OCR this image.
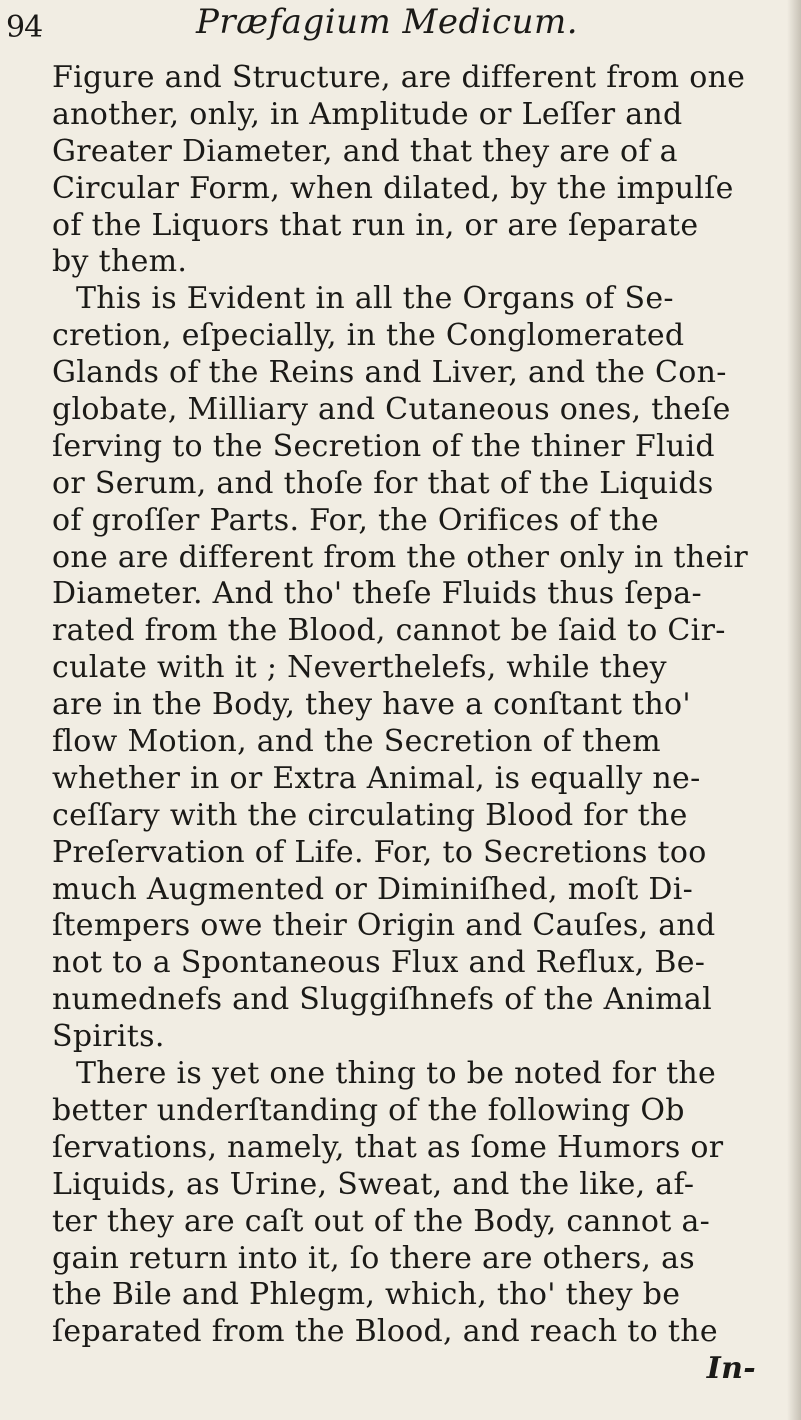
94	Præfagium Medicum.
Figure and Structure, are different from one
another, only, in Amplitude or Leſſer and
Greater Diameter, and that they are of a
Circular Form, when dilated, by the impulſe
of the Liquors that run in, or are ſeparate
by them.
This is Evident in all the Organs of Se-
cretion, eſpecially, in the Conglomerated
Glands of the Reins and Liver, and the Con-
globate, Milliary and Cutaneous ones, theſe
ſerving to the Secretion of the thiner Fluid
or Serum, and thoſe for that of the Liquids
of groſſer Parts. For, the Orifices of the
one are different from the other only in their
Diameter. And tho' theſe Fluids thus ſepa-
rated from the Blood, cannot be ſaid to Cir-
culate with it ; Neverthelefs, while they
are in the Body, they have a conſtant tho'
flow Motion, and the Secretion of them
whether in or Extra Animal, is equally ne-
ceſſary with the circulating Blood for the
Preſervation of Life. For, to Secretions too
much Augmented or Diminiſhed, moſt Di-
ſtempers owe their Origin and Cauſes, and
not to a Spontaneous Flux and Reflux, Be-
numednefs and Sluggiſhnefs of the Animal
Spirits.
There is yet one thing to be noted for the
better underſtanding of the following Ob
ſervations, namely, that as ſome Humors or
Liquids, as Urine, Sweat, and the like, af-
ter they are caſt out of the Body, cannot a-
gain return into it, ſo there are others, as
the Bile and Phlegm, which, tho' they be
ſeparated from the Blood, and reach to the
In-
